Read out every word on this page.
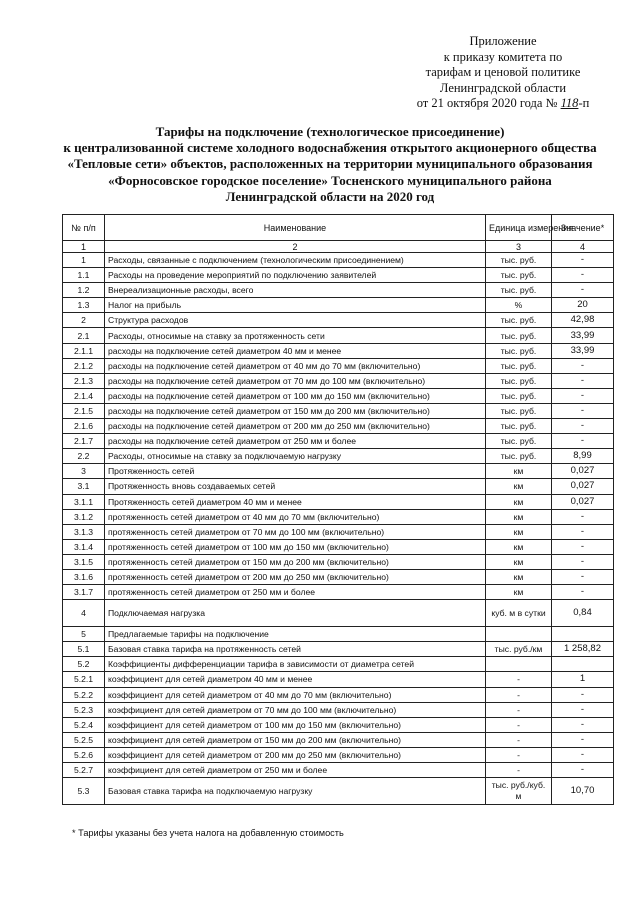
Приложение
к приказу комитета по
тарифам и ценовой политике
Ленинградской области
от 21 октября 2020 года № 118-п
Тарифы на подключение (технологическое присоединение)
к централизованной системе холодного водоснабжения открытого акционерного общества
«Тепловые сети» объектов, расположенных на территории муниципального образования
«Форносовское городское поселение» Тосненского муниципального района
Ленинградской области на 2020 год
№ п/п	Наименование	Единица измерения	Значение*
1	2	3	4
1	Расходы, связанные с подключением (технологическим присоединением)	тыс. руб.	-
1.1	Расходы на проведение мероприятий по подключению заявителей	тыс. руб.	-
1.2	Внереализационные расходы, всего	тыс. руб.	-
1.3	Налог на прибыль	%	20
2	Структура расходов	тыс. руб.	42,98
2.1	Расходы, относимые на ставку за протяженность сети	тыс. руб.	33,99
2.1.1	расходы на подключение сетей диаметром 40 мм и менее	тыс. руб.	33,99
2.1.2	расходы на подключение сетей диаметром от 40 мм до 70 мм (включительно)	тыс. руб.	-
2.1.3	расходы на подключение сетей диаметром от 70 мм до 100 мм (включительно)	тыс. руб.	-
2.1.4	расходы на подключение сетей диаметром от 100 мм до 150 мм (включительно)	тыс. руб.	-
2.1.5	расходы на подключение сетей диаметром от 150 мм до 200 мм (включительно)	тыс. руб.	-
2.1.6	расходы на подключение сетей диаметром от 200 мм до 250 мм (включительно)	тыс. руб.	-
2.1.7	расходы на подключение сетей диаметром от 250 мм и более	тыс. руб.	-
2.2	Расходы, относимые на ставку за подключаемую нагрузку	тыс. руб.	8,99
3	Протяженность сетей	км	0,027
3.1	Протяженность вновь создаваемых сетей	км	0,027
3.1.1	Протяженность сетей диаметром 40 мм и менее	км	0,027
3.1.2	протяженность сетей диаметром от 40 мм до 70 мм (включительно)	км	-
3.1.3	протяженность сетей диаметром от 70 мм до 100 мм (включительно)	км	-
3.1.4	протяженность сетей диаметром от 100 мм до 150 мм (включительно)	км	-
3.1.5	протяженность сетей диаметром от 150 мм до 200 мм (включительно)	км	-
3.1.6	протяженность сетей диаметром от 200 мм до 250 мм (включительно)	км	-
3.1.7	протяженность сетей диаметром от 250 мм и более	км	-
4	Подключаемая нагрузка	куб. м в сутки	0,84
5	Предлагаемые тарифы на подключение		
5.1	Базовая ставка тарифа на протяженность сетей	тыс. руб./км	1 258,82
5.2	Коэффициенты дифференциации тарифа в зависимости от диаметра сетей		
5.2.1	коэффициент для сетей диаметром 40 мм и менее	-	1
5.2.2	коэффициент для сетей диаметром от 40 мм до 70 мм (включительно)	-	-
5.2.3	коэффициент для сетей диаметром от 70 мм до 100 мм (включительно)	-	-
5.2.4	коэффициент для сетей диаметром от 100 мм до 150 мм (включительно)	-	-
5.2.5	коэффициент для сетей диаметром от 150 мм до 200 мм (включительно)	-	-
5.2.6	коэффициент для сетей диаметром от 200 мм до 250 мм (включительно)	-	-
5.2.7	коэффициент для сетей диаметром от 250 мм и более	-	-
5.3	Базовая ставка тарифа на подключаемую нагрузку	тыс. руб./куб. м	10,70
* Тарифы указаны без учета налога на добавленную стоимость
